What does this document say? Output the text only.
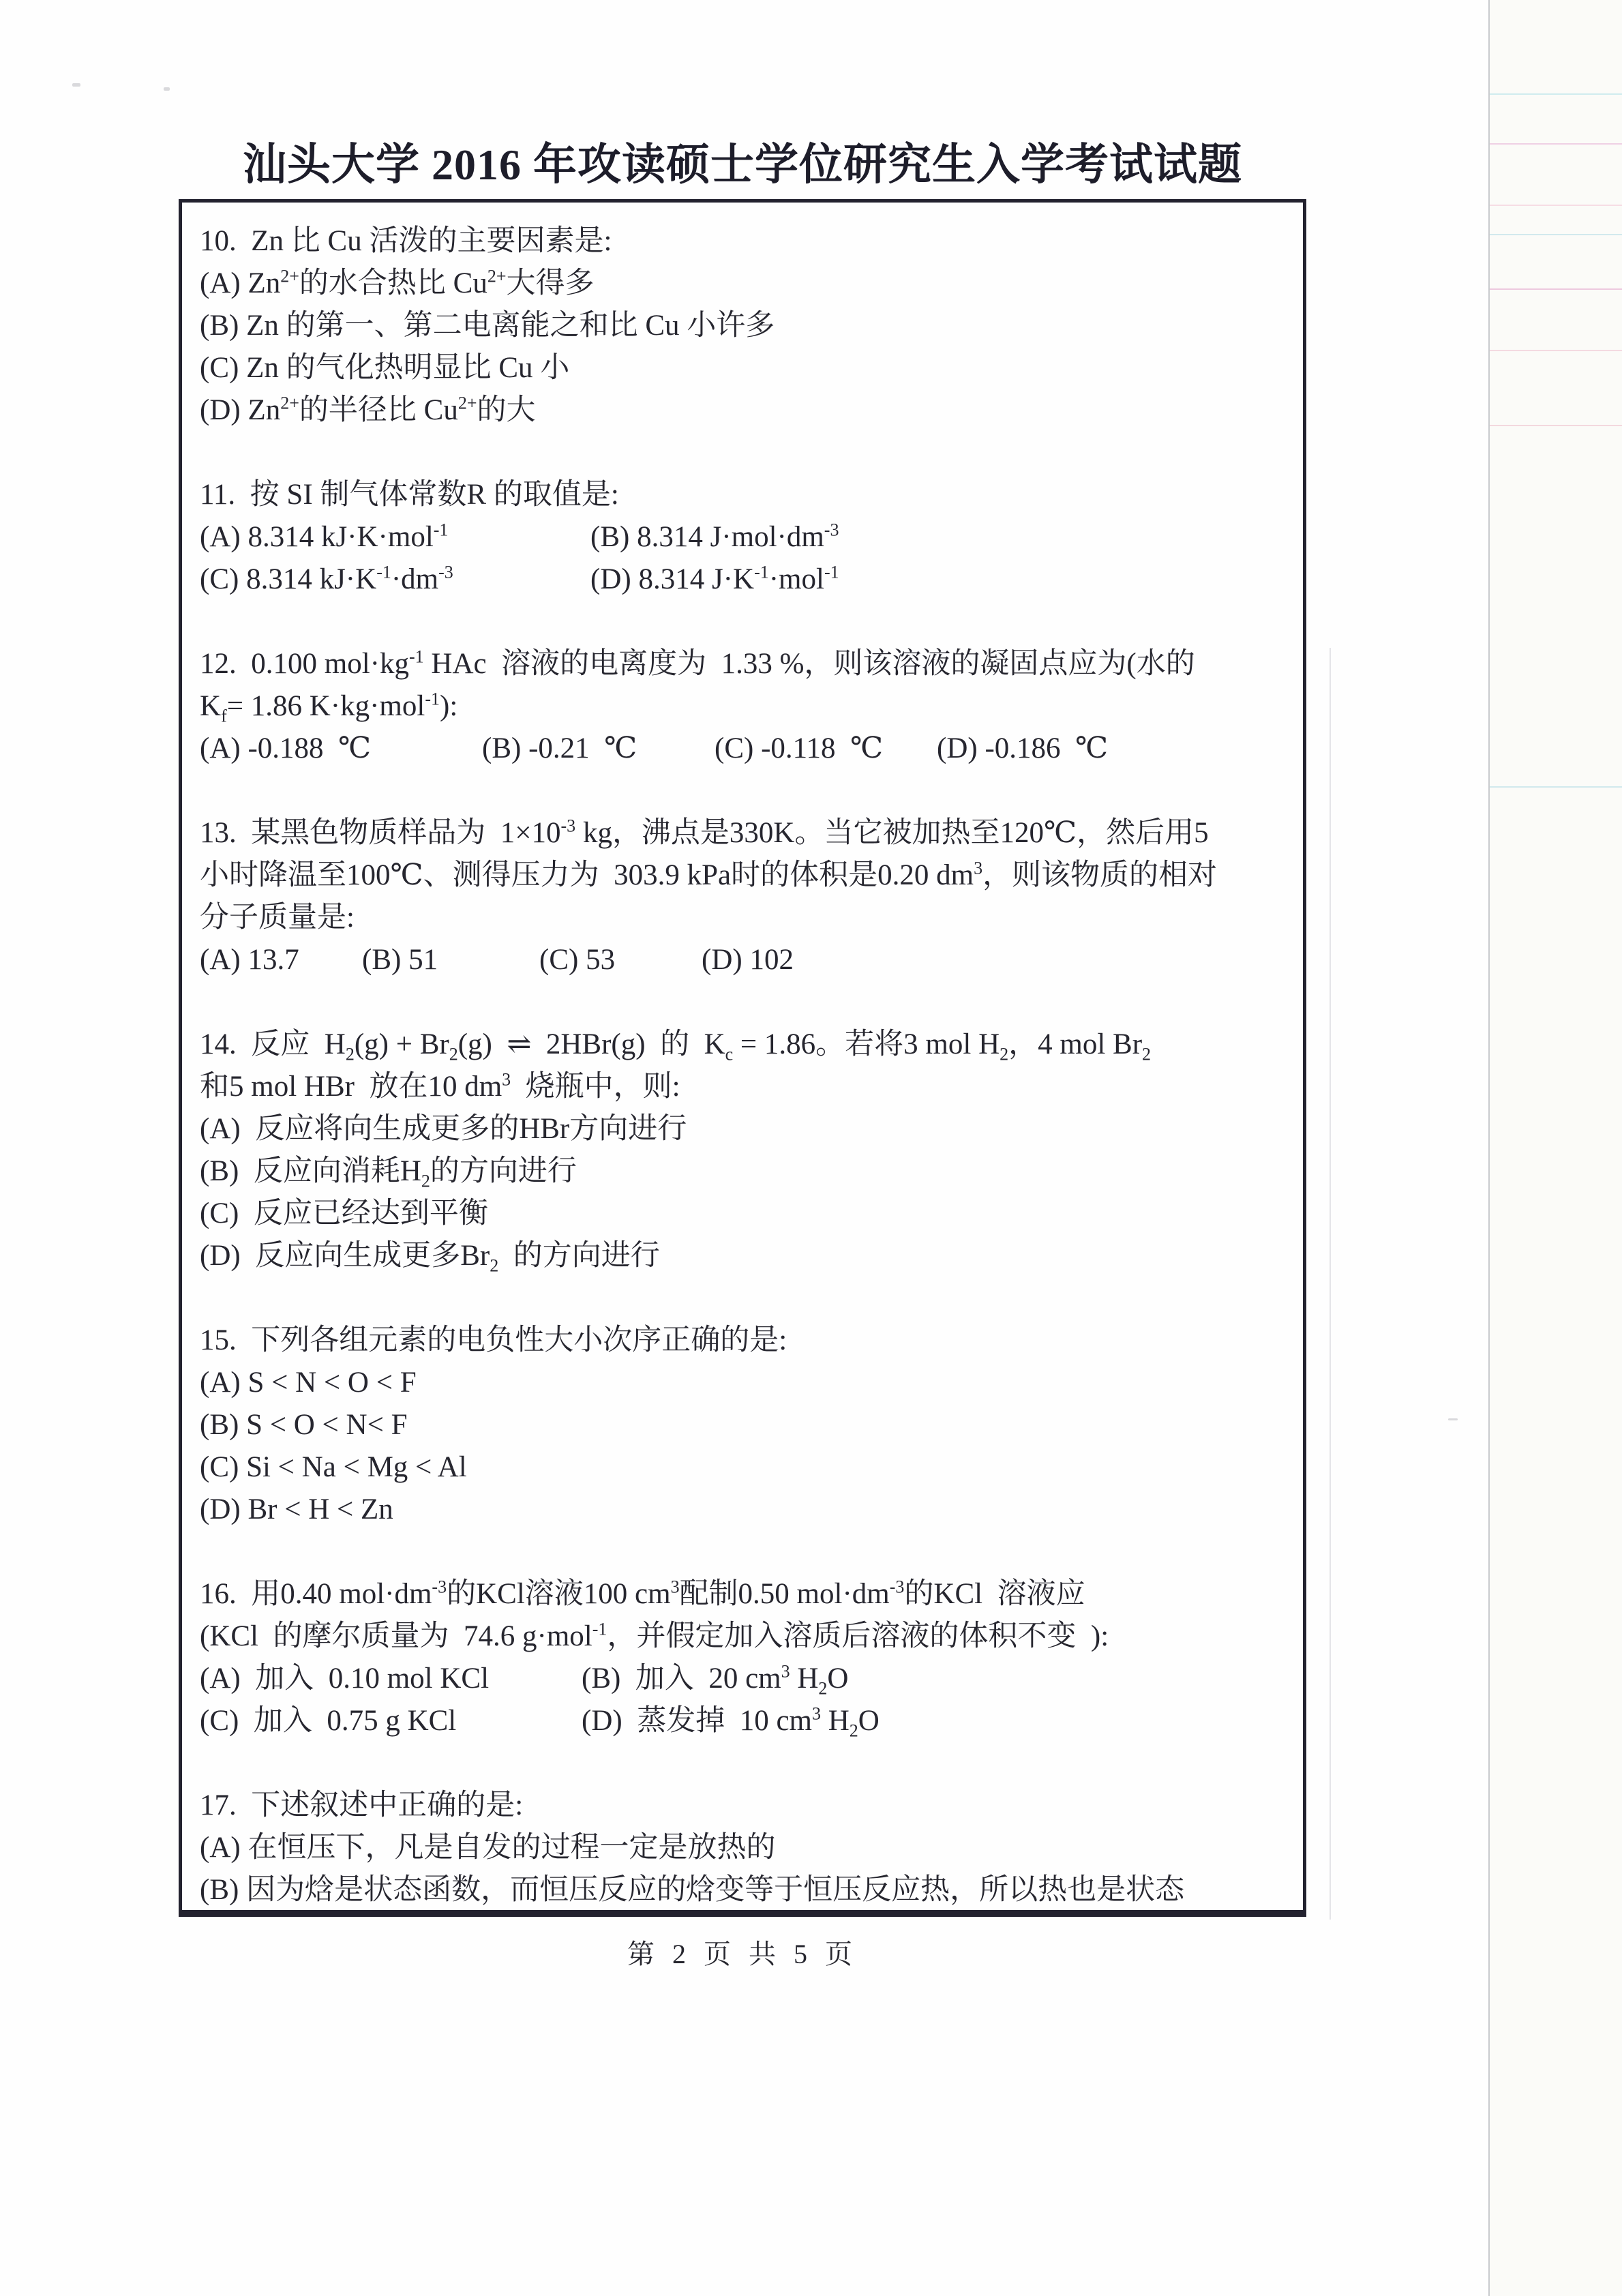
汕头大学 2016 年攻读硕士学位研究生入学考试试题

10.  Zn 比 Cu 活泼的主要因素是:

(A) $Zn^{2+}$的水合热比 $Cu^{2+}$大得多

(B) Zn 的第一、第二电离能之和比 Cu 小许多

(C) Zn 的气化热明显比 Cu 小

(D) $Zn^{2+}$的半径比 $Cu^{2+}$的大

11.  按 SI 制气体常数R 的取值是:

(A) 8.314 kJ·K·mol$^{-1}$	(B) 8.314 $J\cdot mol\cdot dm^{-3}$

(C) 8.314 $kJ\cdot K^{-1}\cdot dm^{-3}$	(D) 8.314 $J\cdot K^{-1}\cdot mol^{-1}$

12.  0.100 $mol\cdot kg^{-1}$ HAc  溶液的电离度为  1.33 %，则该溶液的凝固点应为(水的

$K_f= 1.86$ K·kg·mol$^{-1}$):

(A) -0.188  ℃	(B) -0.21  ℃	(C) -0.118  ℃ (D) -0.186  ℃

13.  某黑色物质样品为  $1\times 10^{-3}$ kg，沸点是330K。当它被加热至120℃，然后用5

小时降温至100℃、测得压力为  303.9 kPa时的体积是0.20 $dm^3$，则该物质的相对

分子质量是:

(A) 13.7 (B) 51	(C) 53	(D) 102

14.  反应  $H_2(g) + Br_2(g)$  ⇌  2HBr(g)  的  $K_c = 1.86$。若将3 mol $H_2$，4 mol $Br_2$

和5 mol HBr  放在10 $dm^3$  烧瓶中，则:

(A)  反应将向生成更多的HBr方向进行

(B)  反应向消耗$H_2$的方向进行

(C)  反应已经达到平衡

(D)  反应向生成更多$Br_2$  的方向进行

15.  下列各组元素的电负性大小次序正确的是:

(A) S < N < O < F

(B) S < O < N< F

(C) Si < Na < Mg < Al

(D) Br < H < Zn

16.  用0.40 $mol\cdot dm^{-3}$的KCl溶液100 $cm^3$配制0.50 $mol\cdot dm^{-3}$的KCl  溶液应

(KCl  的摩尔质量为  74.6 g·mol$^{-1}$，并假定加入溶质后溶液的体积不变  ):

(A)  加入  0.10 mol KCl	(B)  加入  20 $cm^3$ $H_2O$

(C)  加入  0.75 g KCl	(D)  蒸发掉  10 $cm^3$ $H_2O$

17.  下述叙述中正确的是:

(A) 在恒压下，凡是自发的过程一定是放热的

(B) 因为焓是状态函数，而恒压反应的焓变等于恒压反应热，所以热也是状态

第 2 页 共 5 页
